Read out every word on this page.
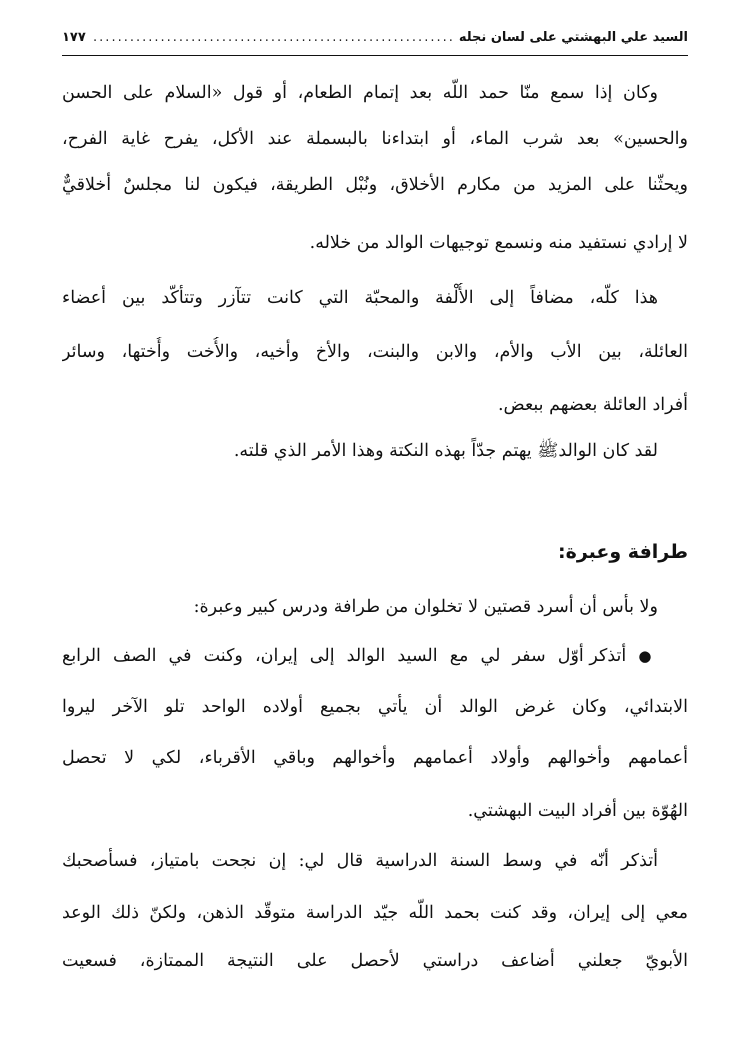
السيد علي البهشتي على لسان نجله
.....
١٧٧
وكان إذا سمع منّا حمد اللّه بعد إتمام الطعام، أو قول «السلام على الحسن
والحسين» بعد شرب الماء، أو ابتداءنا بالبسملة عند الأكل، يفرح غاية الفرح،
ويحثّنا على المزيد من مكارم الأخلاق، ونُبْل الطريقة، فيكون لنا مجلسٌ أخلاقيٌّ
لا إرادي نستفيد منه ونسمع توجيهات الوالد من خلاله.
هذا كلّه، مضافاً إلى الأُلْفة والمحبّة التي كانت تتآزر وتتأكّد بين أعضاء
العائلة، بين الأب والأم، والابن والبنت، والأخ وأخيه، والأُخت وأُختها، وسائر
أفراد العائلة بعضهم ببعض.
لقد كان الوالدﷺ يهتم جدّاً بهذه النكتة وهذا الأمر الذي قلته.
طرافة وعبرة:
ولا بأس أن أسرد قصتين لا تخلوان من طرافة ودرس كبير وعبرة:
● أتذكر أوّل سفر لي مع السيد الوالد إلى إيران، وكنت في الصف الرابع
الابتدائي، وكان غرض الوالد أن يأتي بجميع أولاده الواحد تلو الآخر ليروا
أعمامهم وأخوالهم وأولاد أعمامهم وأخوالهم وباقي الأقرباء، لكي لا تحصل
الهُوّة بين أفراد البيت البهشتي.
أتذكر أنّه في وسط السنة الدراسية قال لي: إن نجحت بامتياز، فسأصحبك
معي إلى إيران، وقد كنت بحمد اللّه جيّد الدراسة متوقّد الذهن، ولكنّ ذلك الوعد
الأبويّ جعلني أضاعف دراستي لأحصل على النتيجة الممتازة، فسعيت
